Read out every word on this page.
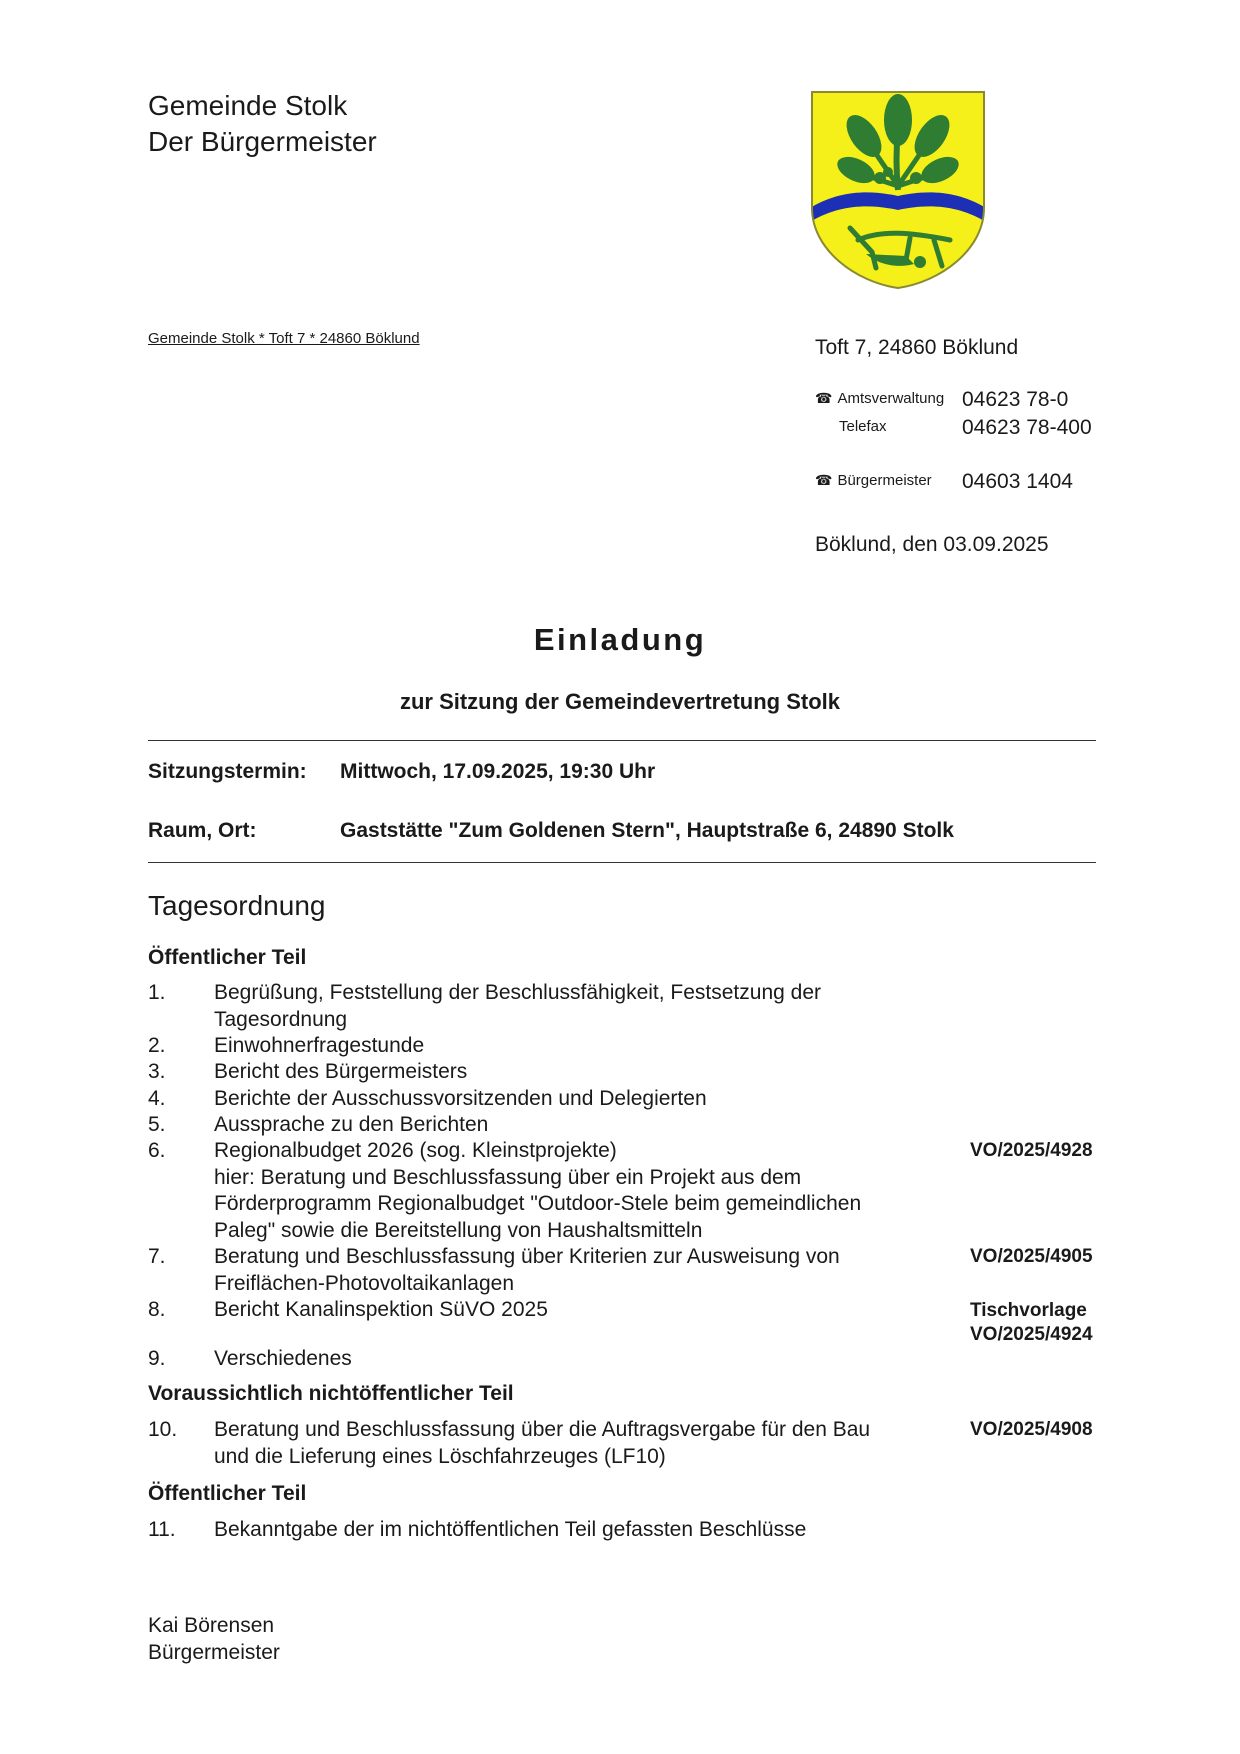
Gemeinde Stolk
Der Bürgermeister
Gemeinde Stolk * Toft 7 * 24860 Böklund	Toft 7, 24860 Böklund
☎ Amtsverwaltung 04623 78-0
Telefax	04623 78-400
☎ Bürgermeister 04603 1404
Böklund, den 03.09.2025
Einladung
zur Sitzung der Gemeindevertretung Stolk
Sitzungstermin: Mittwoch, 17.09.2025, 19:30 Uhr
Raum, Ort:	Gaststätte "Zum Goldenen Stern", Hauptstraße 6, 24890 Stolk
Tagesordnung
Öffentlicher Teil
1. Begrüßung, Feststellung der Beschlussfähigkeit, Festsetzung der
Tagesordnung
2. Einwohnerfragestunde
3. Bericht des Bürgermeisters
4. Berichte der Ausschussvorsitzenden und Delegierten
5. Aussprache zu den Berichten
6. Regionalbudget 2026 (sog. Kleinstprojekte)
hier: Beratung und Beschlussfassung über ein Projekt aus dem
Förderprogramm Regionalbudget "Outdoor-Stele beim gemeindlichen
Paleg" sowie die Bereitstellung von Haushaltsmitteln
VO/2025/4928
7. Beratung und Beschlussfassung über Kriterien zur Ausweisung von
Freiflächen-Photovoltaikanlagen
VO/2025/4905
8. Bericht Kanalinspektion SüVO 2025	Tischvorlage
VO/2025/4924
9. Verschiedenes
Voraussichtlich nichtöffentlicher Teil
10. Beratung und Beschlussfassung über die Auftragsvergabe für den Bau
und die Lieferung eines Löschfahrzeuges (LF10)
VO/2025/4908
Öffentlicher Teil
11. Bekanntgabe der im nichtöffentlichen Teil gefassten Beschlüsse
Kai Börensen
Bürgermeister
